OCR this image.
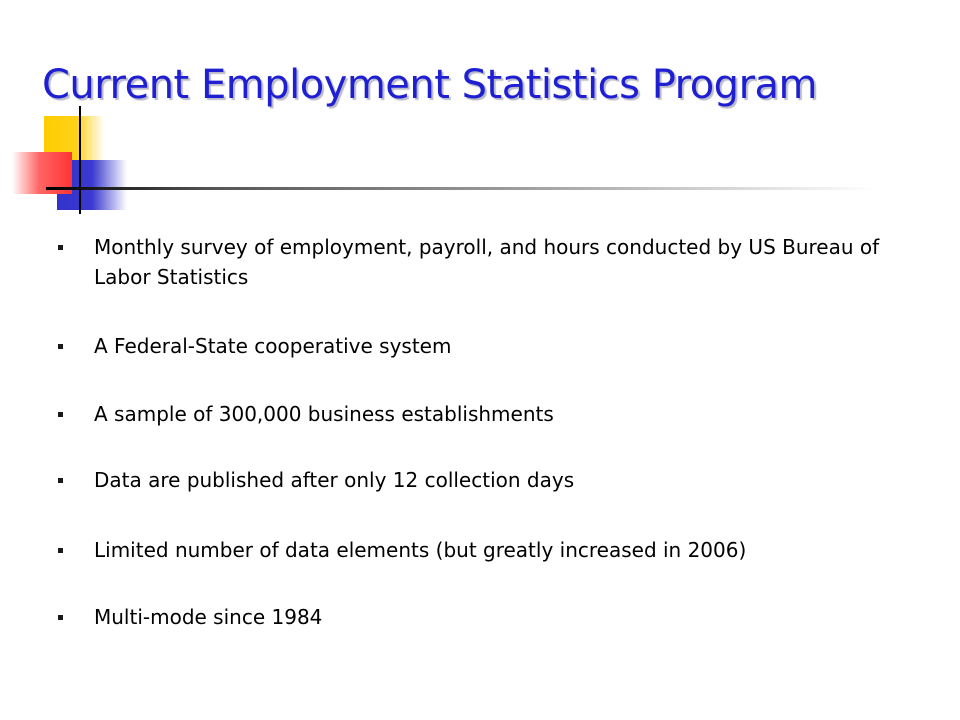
Current Employment Statistics Program
Monthly survey of employment, payroll, and hours conducted by US Bureau of Labor Statistics
A Federal-State cooperative system
A sample of 300,000 business establishments
Data are published after only 12 collection days
Limited number of data elements (but greatly increased in 2006)
Multi-mode since 1984
